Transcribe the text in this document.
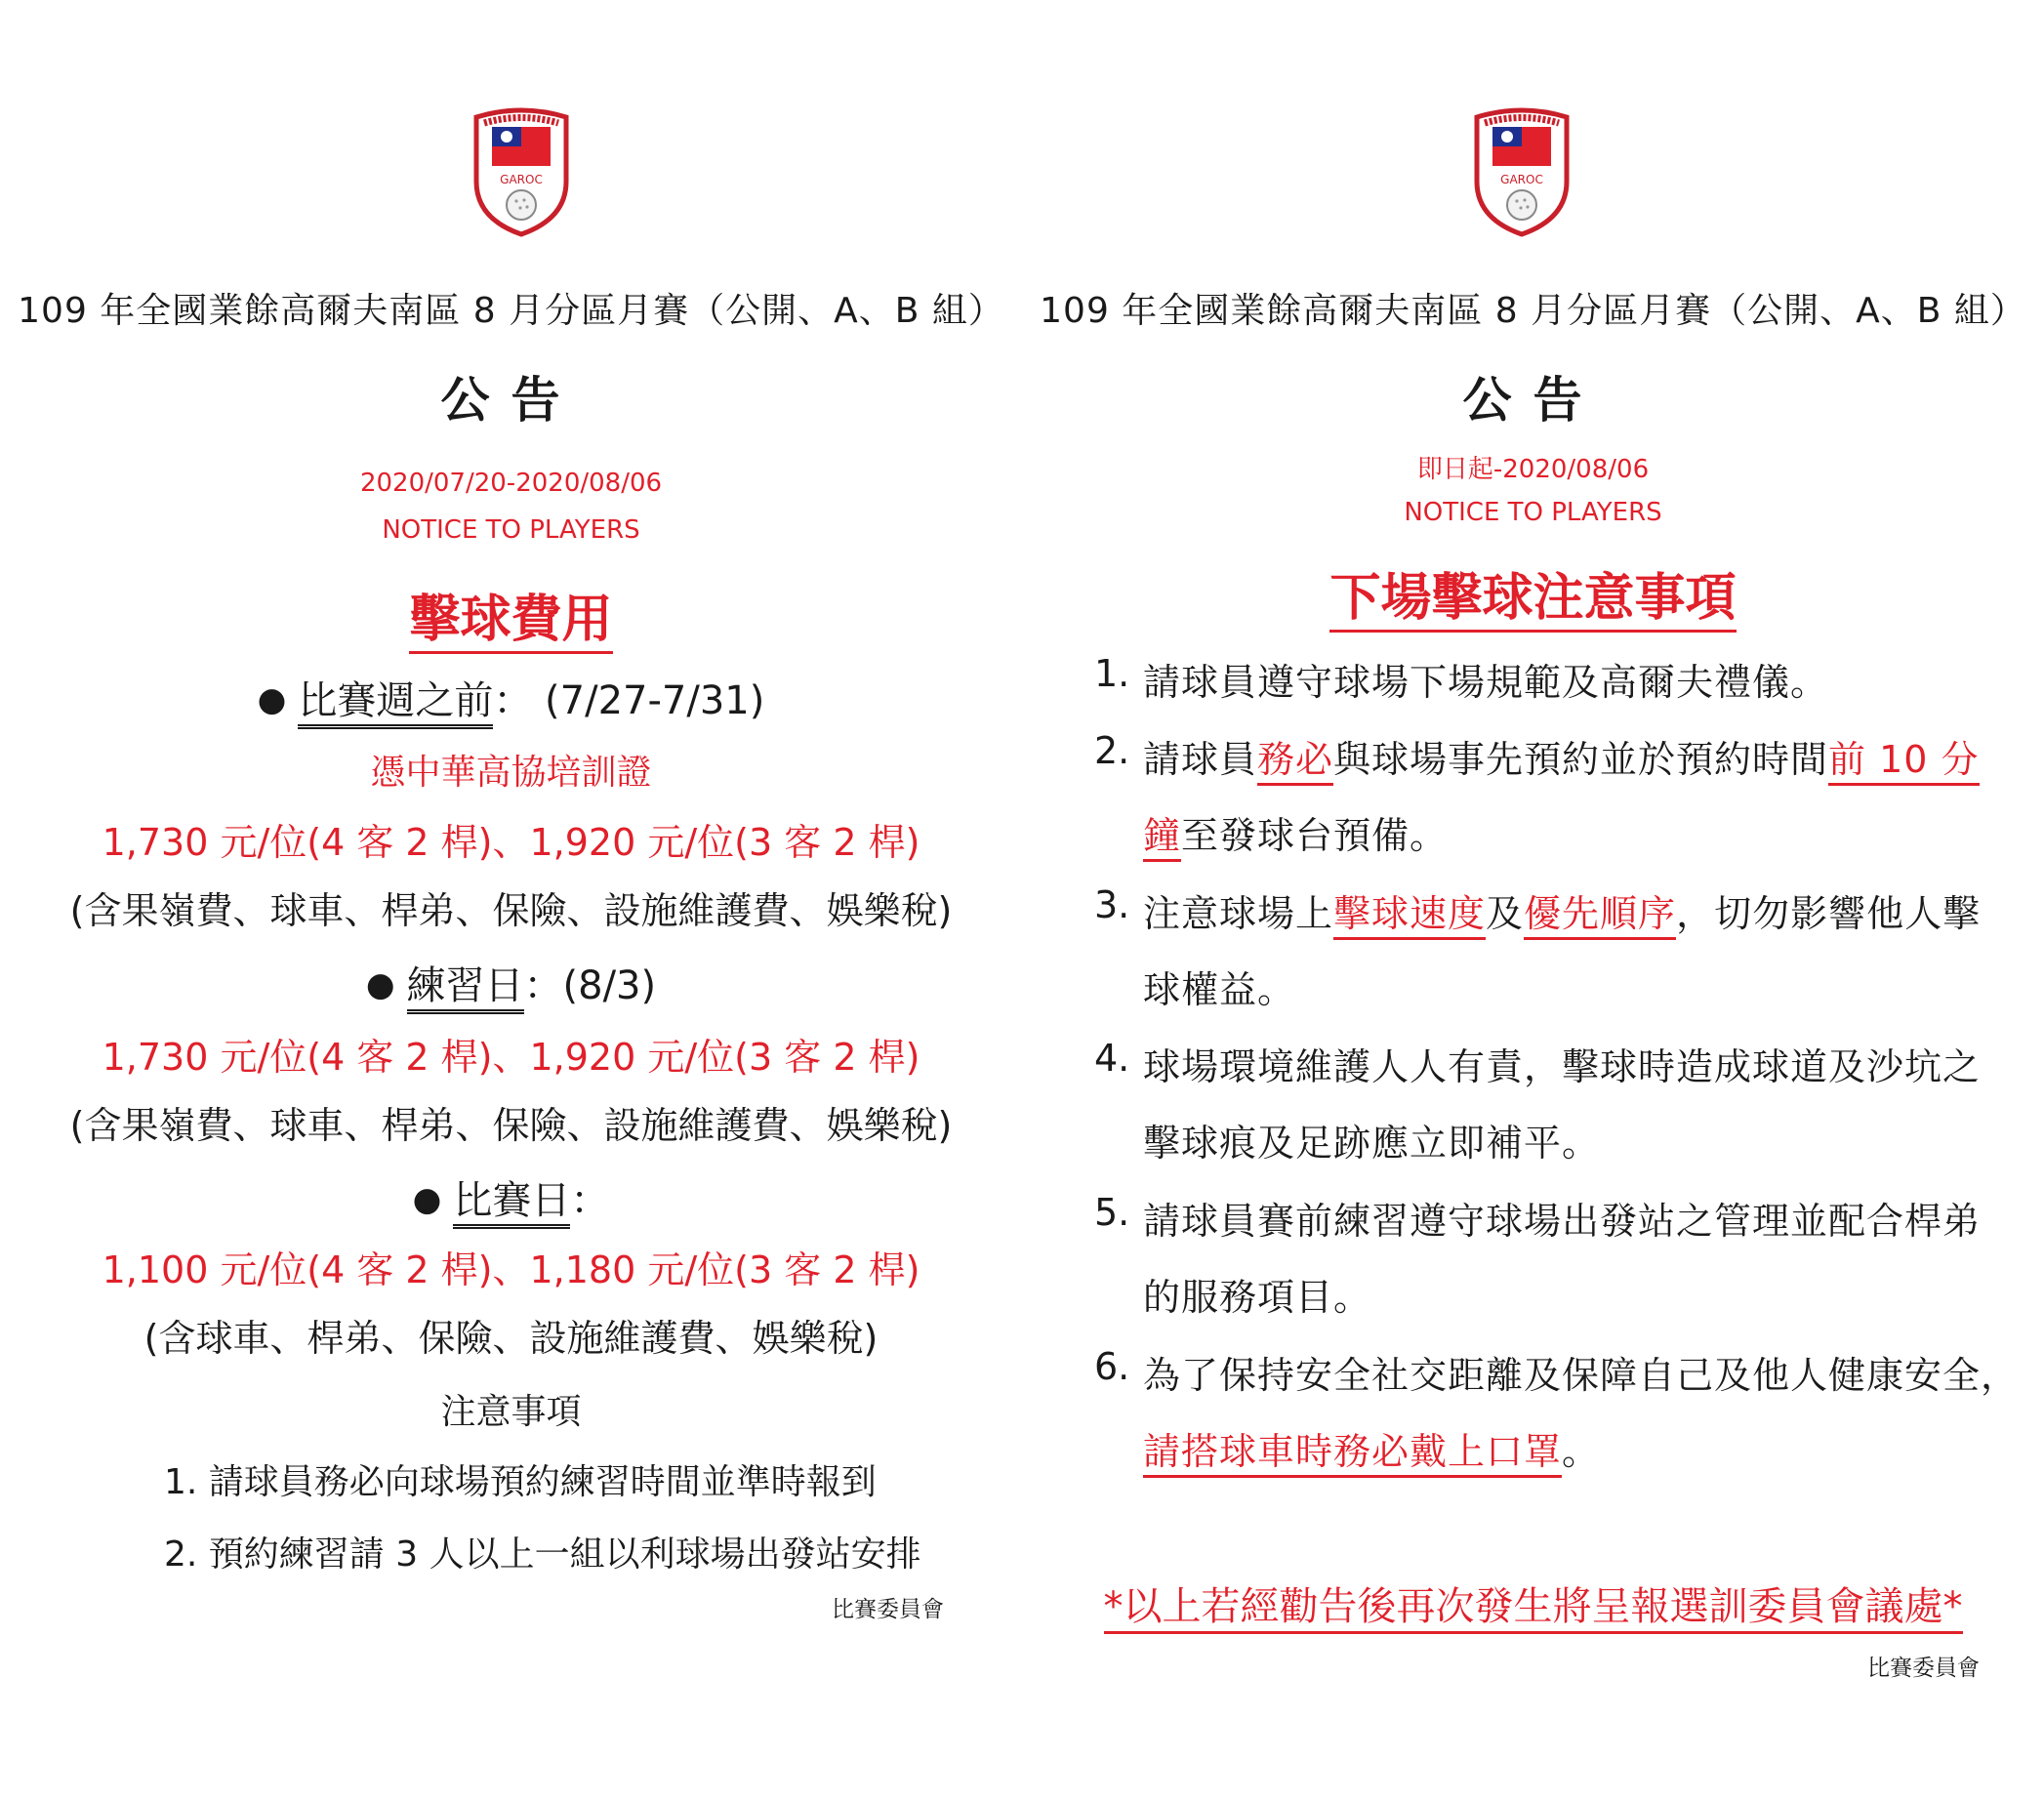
GAROC
109 年全國業餘高爾夫南區 8 月分區月賽（公開、A、B 組）
公告
2020/07/20-2020/08/06
NOTICE TO PLAYERS
擊球費用
● 比賽週之前： (7/27-7/31)
憑中華高協培訓證
1,730 元/位(4 客 2 桿)、1,920 元/位(3 客 2 桿)
(含果嶺費、球車、桿弟、保險、設施維護費、娛樂稅)
● 練習日：(8/3)
1,730 元/位(4 客 2 桿)、1,920 元/位(3 客 2 桿)
(含果嶺費、球車、桿弟、保險、設施維護費、娛樂稅)
● 比賽日：
1,100 元/位(4 客 2 桿)、1,180 元/位(3 客 2 桿)
(含球車、桿弟、保險、設施維護費、娛樂稅)
注意事項
1. 請球員務必向球場預約練習時間並準時報到
2. 預約練習請 3 人以上一組以利球場出發站安排
比賽委員會
GAROC
109 年全國業餘高爾夫南區 8 月分區月賽（公開、A、B 組）
公告
即日起-2020/08/06
NOTICE TO PLAYERS
下場擊球注意事項
1. 請球員遵守球場下場規範及高爾夫禮儀。
2. 請球員務必與球場事先預約並於預約時間前 10 分
鐘至發球台預備。
3. 注意球場上擊球速度及優先順序，切勿影響他人擊
球權益。
4. 球場環境維護人人有責，擊球時造成球道及沙坑之
擊球痕及足跡應立即補平。
5. 請球員賽前練習遵守球場出發站之管理並配合桿弟
的服務項目。
6. 為了保持安全社交距離及保障自己及他人健康安全，
請搭球車時務必戴上口罩。
*以上若經勸告後再次發生將呈報選訓委員會議處*
比賽委員會
